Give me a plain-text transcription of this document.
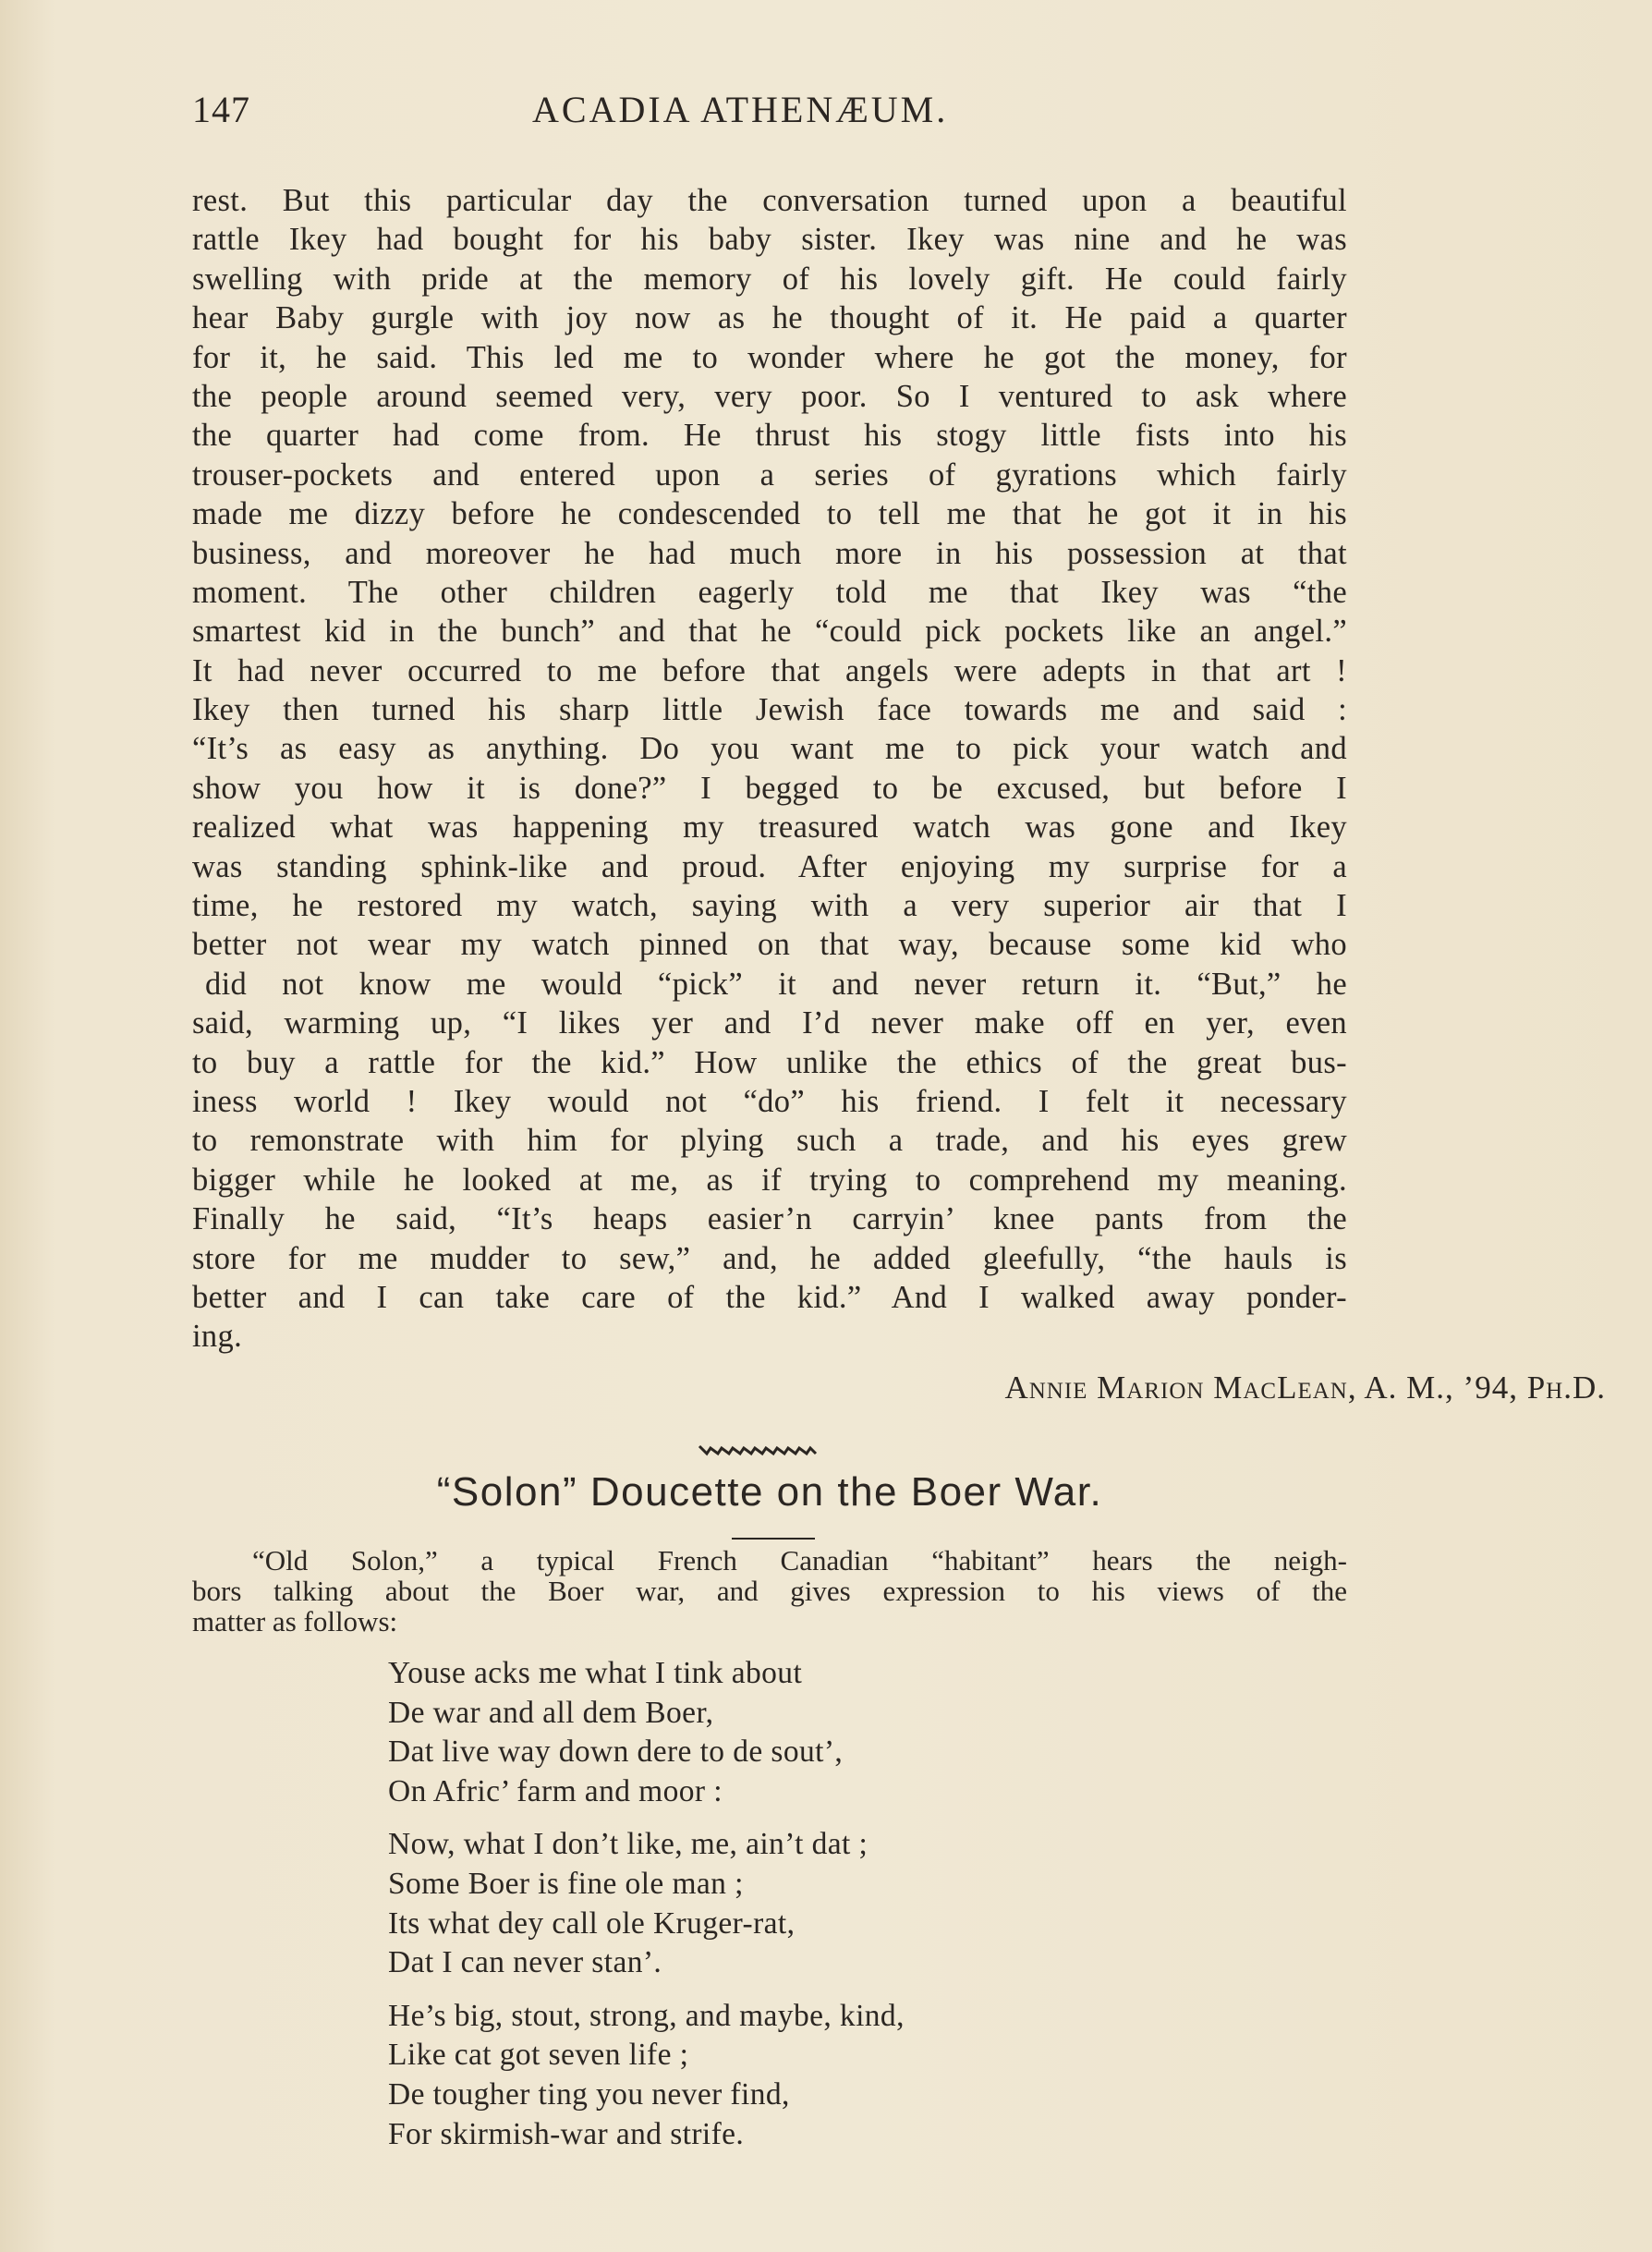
147	ACADIA ATHENÆUM.
rest. But this particular day the conversation turned upon a beautiful
rattle Ikey had bought for his baby sister. Ikey was nine and he was
swelling with pride at the memory of his lovely gift. He could fairly
hear Baby gurgle with joy now as he thought of it. He paid a quarter
for it, he said. This led me to wonder where he got the money, for
the people around seemed very, very poor. So I ventured to ask where
the quarter had come from. He thrust his stogy little fists into his
trouser-pockets and entered upon a series of gyrations which fairly
made me dizzy before he condescended to tell me that he got it in his
business, and moreover he had much more in his possession at that
moment. The other children eagerly told me that Ikey was “the
smartest kid in the bunch” and that he “could pick pockets like an angel.”
It had never occurred to me before that angels were adepts in that art !
Ikey then turned his sharp little Jewish face towards me and said :
“It’s as easy as anything. Do you want me to pick your watch and
show you how it is done?” I begged to be excused, but before I
realized what was happening my treasured watch was gone and Ikey
was standing sphink-like and proud. After enjoying my surprise for a
time, he restored my watch, saying with a very superior air that I
better not wear my watch pinned on that way, because some kid who
did not know me would “pick” it and never return it. “But,” he
said, warming up, “I likes yer and I’d never make off en yer, even
to buy a rattle for the kid.” How unlike the ethics of the great bus-
iness world ! Ikey would not “do” his friend. I felt it necessary
to remonstrate with him for plying such a trade, and his eyes grew
bigger while he looked at me, as if trying to comprehend my meaning.
Finally he said, “It’s heaps easier’n carryin’ knee pants from the
store for me mudder to sew,” and, he added gleefully, “the hauls is
better and I can take care of the kid.” And I walked away ponder-
ing.
Annie Marion MacLean, A. M., ’94, Ph.D.
“Solon” Doucette on the Boer War.
“Old Solon,” a typical French Canadian “habitant” hears the neigh-
bors talking about the Boer war, and gives expression to his views of the
matter as follows:
Youse acks me what I tink about
De war and all dem Boer,
Dat live way down dere to de sout’,
On Afric’ farm and moor :
Now, what I don’t like, me, ain’t dat ;
Some Boer is fine ole man ;
Its what dey call ole Kruger-rat,
Dat I can never stan’.
He’s big, stout, strong, and maybe, kind,
Like cat got seven life ;
De tougher ting you never find,
For skirmish-war and strife.
